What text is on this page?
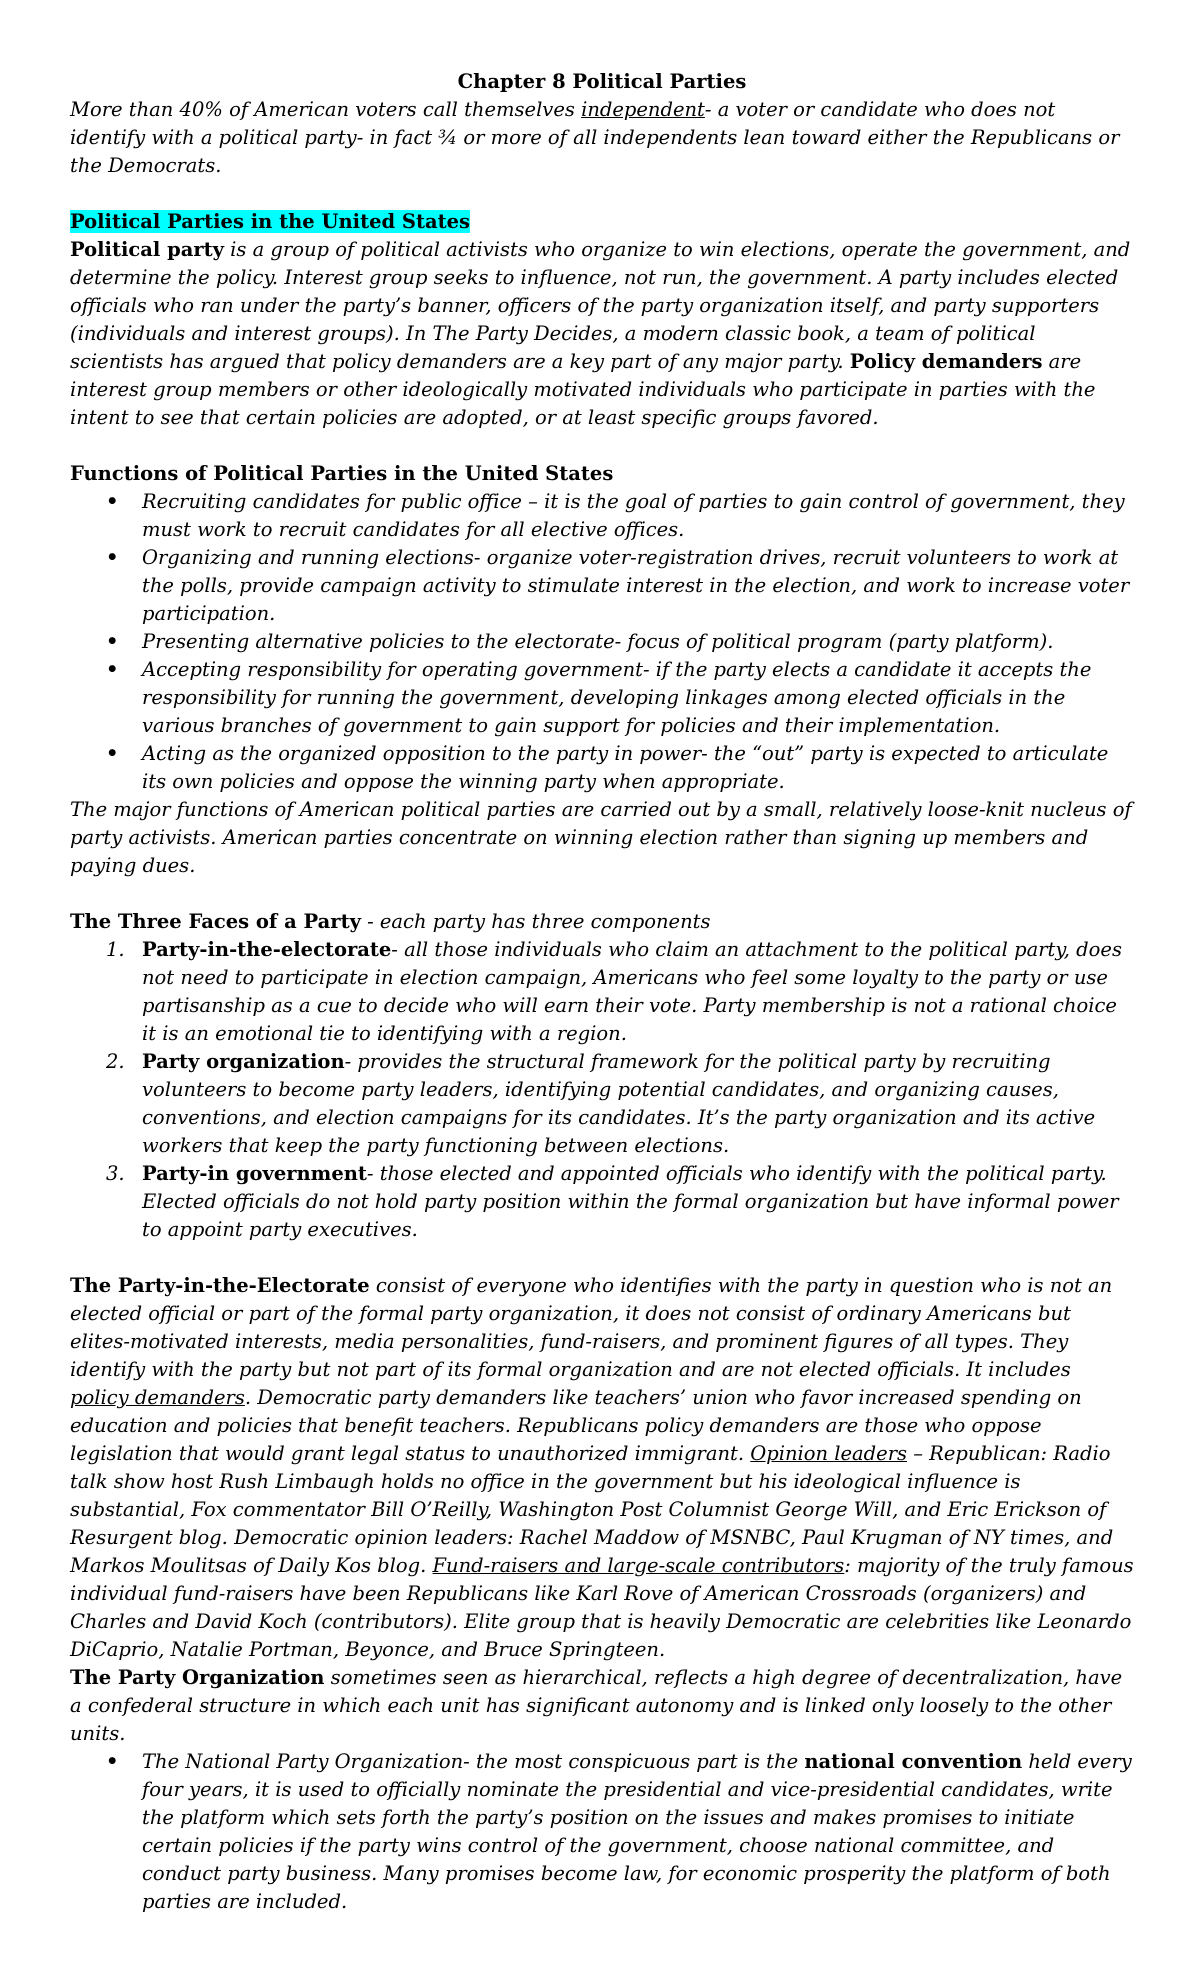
Chapter 8 Political Parties

More than 40% of American voters call themselves independent- a voter or candidate who does not identify with a political party- in fact ¾ or more of all independents lean toward either the Republicans or the Democrats.

Political Parties in the United States

Political party is a group of political activists who organize to win elections, operate the government, and determine the policy. Interest group seeks to influence, not run, the government. A party includes elected officials who ran under the party’s banner, officers of the party organization itself, and party supporters (individuals and interest groups). In The Party Decides, a modern classic book, a team of political scientists has argued that policy demanders are a key part of any major party. Policy demanders are interest group members or other ideologically motivated individuals who participate in parties with the intent to see that certain policies are adopted, or at least specific groups favored.

Functions of Political Parties in the United States

• Recruiting candidates for public office – it is the goal of parties to gain control of government, they must work to recruit candidates for all elective offices.
• Organizing and running elections- organize voter-registration drives, recruit volunteers to work at the polls, provide campaign activity to stimulate interest in the election, and work to increase voter participation.
• Presenting alternative policies to the electorate- focus of political program (party platform).
• Accepting responsibility for operating government- if the party elects a candidate it accepts the responsibility for running the government, developing linkages among elected officials in the various branches of government to gain support for policies and their implementation.
• Acting as the organized opposition to the party in power- the “out” party is expected to articulate its own policies and oppose the winning party when appropriate.

The major functions of American political parties are carried out by a small, relatively loose-knit nucleus of party activists. American parties concentrate on winning election rather than signing up members and paying dues.

The Three Faces of a Party - each party has three components

1. Party-in-the-electorate- all those individuals who claim an attachment to the political party, does not need to participate in election campaign, Americans who feel some loyalty to the party or use partisanship as a cue to decide who will earn their vote. Party membership is not a rational choice it is an emotional tie to identifying with a region.
2. Party organization- provides the structural framework for the political party by recruiting volunteers to become party leaders, identifying potential candidates, and organizing causes, conventions, and election campaigns for its candidates. It’s the party organization and its active workers that keep the party functioning between elections.
3. Party-in government- those elected and appointed officials who identify with the political party. Elected officials do not hold party position within the formal organization but have informal power to appoint party executives.

The Party-in-the-Electorate consist of everyone who identifies with the party in question who is not an elected official or part of the formal party organization, it does not consist of ordinary Americans but elites-motivated interests, media personalities, fund-raisers, and prominent figures of all types. They identify with the party but not part of its formal organization and are not elected officials. It includes policy demanders. Democratic party demanders like teachers’ union who favor increased spending on education and policies that benefit teachers. Republicans policy demanders are those who oppose legislation that would grant legal status to unauthorized immigrant. Opinion leaders – Republican: Radio talk show host Rush Limbaugh holds no office in the government but his ideological influence is substantial, Fox commentator Bill O’Reilly, Washington Post Columnist George Will, and Eric Erickson of Resurgent blog. Democratic opinion leaders: Rachel Maddow of MSNBC, Paul Krugman of NY times, and Markos Moulitsas of Daily Kos blog. Fund-raisers and large-scale contributors: majority of the truly famous individual fund-raisers have been Republicans like Karl Rove of American Crossroads (organizers) and Charles and David Koch (contributors). Elite group that is heavily Democratic are celebrities like Leonardo DiCaprio, Natalie Portman, Beyonce, and Bruce Springteen.

The Party Organization sometimes seen as hierarchical, reflects a high degree of decentralization, have a confederal structure in which each unit has significant autonomy and is linked only loosely to the other units.

• The National Party Organization- the most conspicuous part is the national convention held every four years, it is used to officially nominate the presidential and vice-presidential candidates, write the platform which sets forth the party’s position on the issues and makes promises to initiate certain policies if the party wins control of the government, choose national committee, and conduct party business. Many promises become law, for economic prosperity the platform of both parties are included.
